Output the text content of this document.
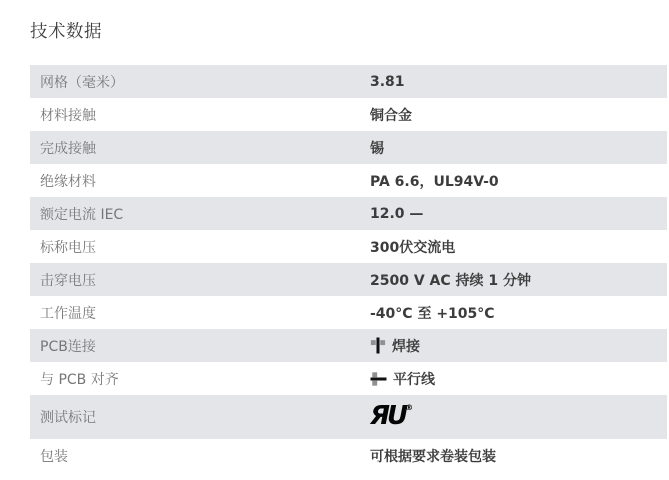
技术数据
网格（毫米）	3.81
材料接触	铜合金
完成接触	锡
绝缘材料	PA 6.6，UL94V-0
额定电流 IEC	12.0 —
标称电压	300伏交流电
击穿电压	2500 V AC 持续 1 分钟
工作温度	-40°C 至 +105°C
PCB连接	焊接
与 PCB 对齐	平行线
测试标记	ЯU®
包装	可根据要求卷装包装
